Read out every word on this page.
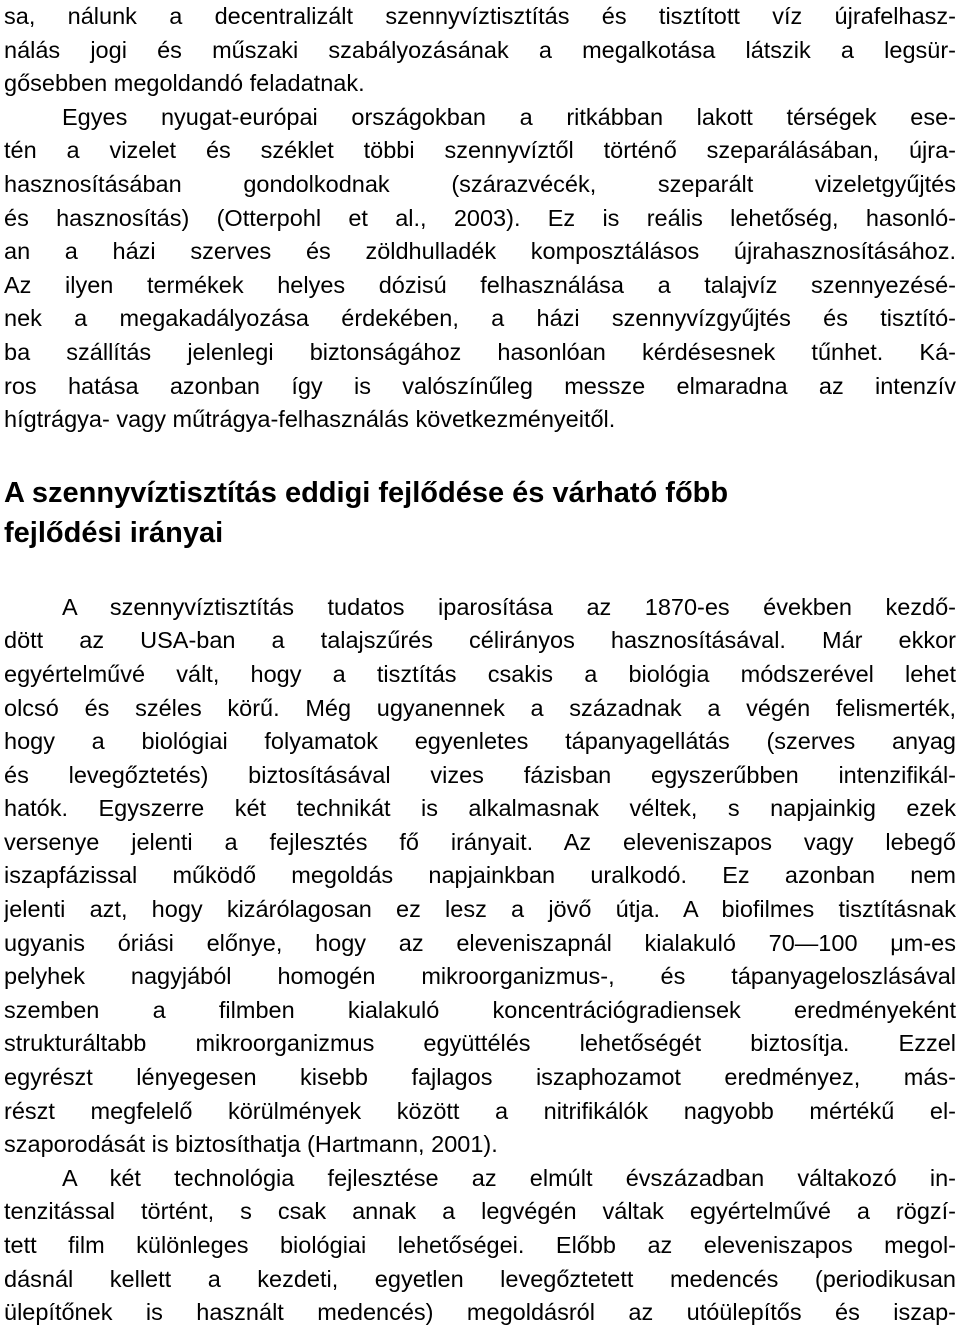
sa, nálunk a decentralizált szennyvíztisztítás és tisztított víz újrafelhasz-
nálás jogi és műszaki szabályozásának a megalkotása látszik a legsür-
gősebben megoldandó feladatnak.
Egyes nyugat-európai országokban a ritkábban lakott térségek ese-
tén a vizelet és széklet többi szennyvíztől történő szeparálásában, újra-
hasznosításában gondolkodnak (szárazvécék, szeparált vizeletgyűjtés
és hasznosítás) (Otterpohl et al., 2003). Ez is reális lehetőség, hasonló-
an a házi szerves és zöldhulladék komposztálásos újrahasznosításához.
Az ilyen termékek helyes dózisú felhasználása a talajvíz szennyezésé-
nek a megakadályozása érdekében, a házi szennyvízgyűjtés és tisztító-
ba szállítás jelenlegi biztonságához hasonlóan kérdésesnek tűnhet. Ká-
ros hatása azonban így is valószínűleg messze elmaradna az intenzív
hígtrágya- vagy műtrágya-felhasználás következményeitől.
A szennyvíztisztítás eddigi fejlődése és várható főbb
fejlődési irányai
A szennyvíztisztítás tudatos iparosítása az 1870-es években kezdő-
dött az USA-ban a talajszűrés célirányos hasznosításával. Már ekkor
egyértelművé vált, hogy a tisztítás csakis a biológia módszerével lehet
olcsó és széles körű. Még ugyanennek a századnak a végén felismerték,
hogy a biológiai folyamatok egyenletes tápanyagellátás (szerves anyag
és levegőztetés) biztosításával vizes fázisban egyszerűbben intenzifikál-
hatók. Egyszerre két technikát is alkalmasnak véltek, s napjainkig ezek
versenye jelenti a fejlesztés fő irányait. Az eleveniszapos vagy lebegő
iszapfázissal működő megoldás napjainkban uralkodó. Ez azonban nem
jelenti azt, hogy kizárólagosan ez lesz a jövő útja. A biofilmes tisztításnak
ugyanis óriási előnye, hogy az eleveniszapnál kialakuló 70—100 μm-es
pelyhek nagyjából homogén mikroorganizmus-, és tápanyageloszlásával
szemben a filmben kialakuló koncentrációgradiensek eredményeként
strukturáltabb mikroorganizmus együttélés lehetőségét biztosítja. Ezzel
egyrészt lényegesen kisebb fajlagos iszaphozamot eredményez, más-
részt megfelelő körülmények között a nitrifikálók nagyobb mértékű el-
szaporodását is biztosíthatja (Hartmann, 2001).
A két technológia fejlesztése az elmúlt évszázadban váltakozó in-
tenzitással történt, s csak annak a legvégén váltak egyértelművé a rögzí-
tett film különleges biológiai lehetőségei. Előbb az eleveniszapos megol-
dásnál kellett a kezdeti, egyetlen levegőztetett medencés (periodikusan
ülepítőnek is használt medencés) megoldásról az utóülepítős és iszap-
